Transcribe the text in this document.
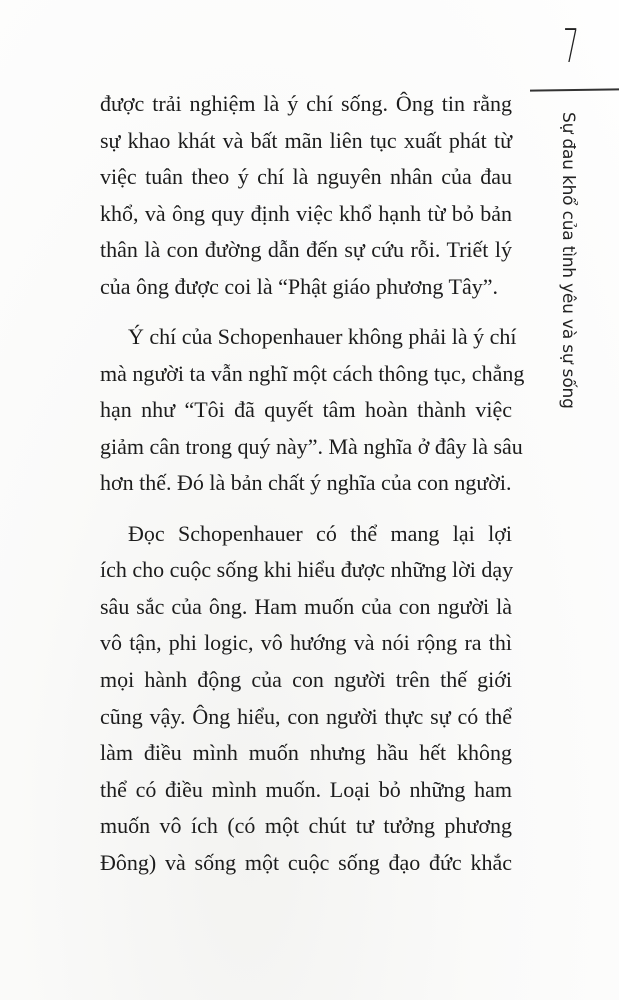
7
Sự đau khổ của tình yêu và sự sống

được trải nghiệm là ý chí sống. Ông tin rằng
sự khao khát và bất mãn liên tục xuất phát từ
việc tuân theo ý chí là nguyên nhân của đau
khổ, và ông quy định việc khổ hạnh từ bỏ bản
thân là con đường dẫn đến sự cứu rỗi. Triết lý
của ông được coi là “Phật giáo phương Tây”.

Ý chí của Schopenhauer không phải là ý chí
mà người ta vẫn nghĩ một cách thông tục, chẳng
hạn như “Tôi đã quyết tâm hoàn thành việc
giảm cân trong quý này”. Mà nghĩa ở đây là sâu
hơn thế. Đó là bản chất ý nghĩa của con người.

Đọc Schopenhauer có thể mang lại lợi
ích cho cuộc sống khi hiểu được những lời dạy
sâu sắc của ông. Ham muốn của con người là
vô tận, phi logic, vô hướng và nói rộng ra thì
mọi hành động của con người trên thế giới
cũng vậy. Ông hiểu, con người thực sự có thể
làm điều mình muốn nhưng hầu hết không
thể có điều mình muốn. Loại bỏ những ham
muốn vô ích (có một chút tư tưởng phương
Đông) và sống một cuộc sống đạo đức khắc
